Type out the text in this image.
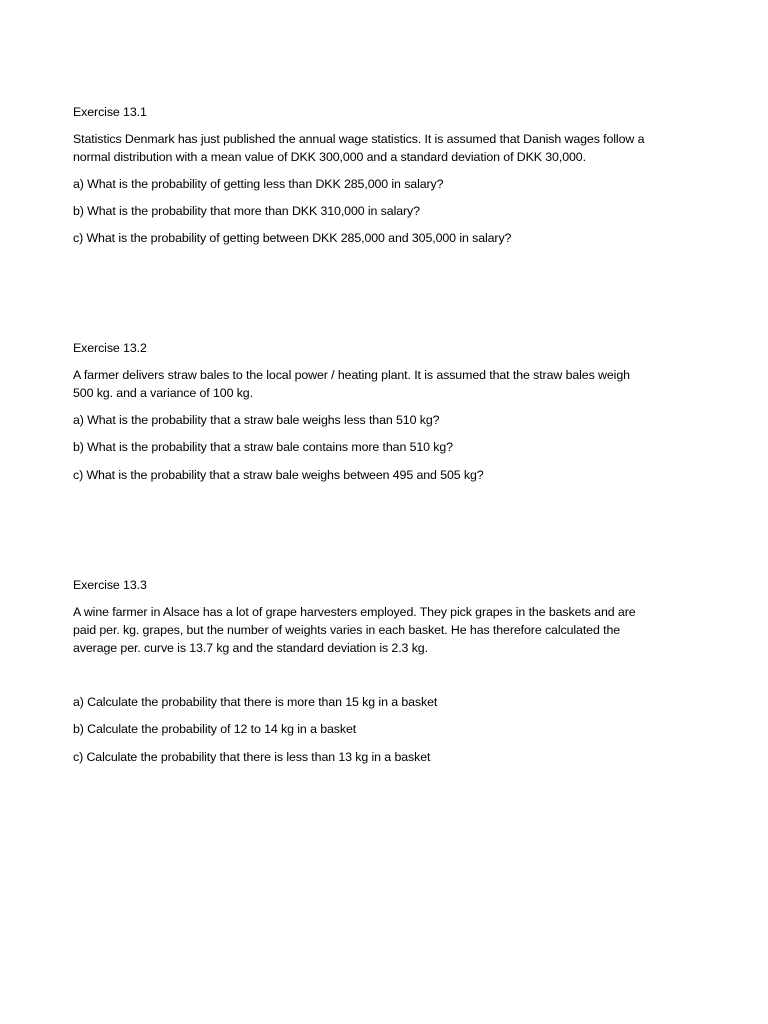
Exercise 13.1
Statistics Denmark has just published the annual wage statistics. It is assumed that Danish wages follow a
normal distribution with a mean value of DKK 300,000 and a standard deviation of DKK 30,000.
a) What is the probability of getting less than DKK 285,000 in salary?
b) What is the probability that more than DKK 310,000 in salary?
c) What is the probability of getting between DKK 285,000 and 305,000 in salary?
Exercise 13.2
A farmer delivers straw bales to the local power / heating plant. It is assumed that the straw bales weigh
500 kg. and a variance of 100 kg.
a) What is the probability that a straw bale weighs less than 510 kg?
b) What is the probability that a straw bale contains more than 510 kg?
c) What is the probability that a straw bale weighs between 495 and 505 kg?
Exercise 13.3
A wine farmer in Alsace has a lot of grape harvesters employed. They pick grapes in the baskets and are
paid per. kg. grapes, but the number of weights varies in each basket. He has therefore calculated the
average per. curve is 13.7 kg and the standard deviation is 2.3 kg.
a) Calculate the probability that there is more than 15 kg in a basket
b) Calculate the probability of 12 to 14 kg in a basket
c) Calculate the probability that there is less than 13 kg in a basket
